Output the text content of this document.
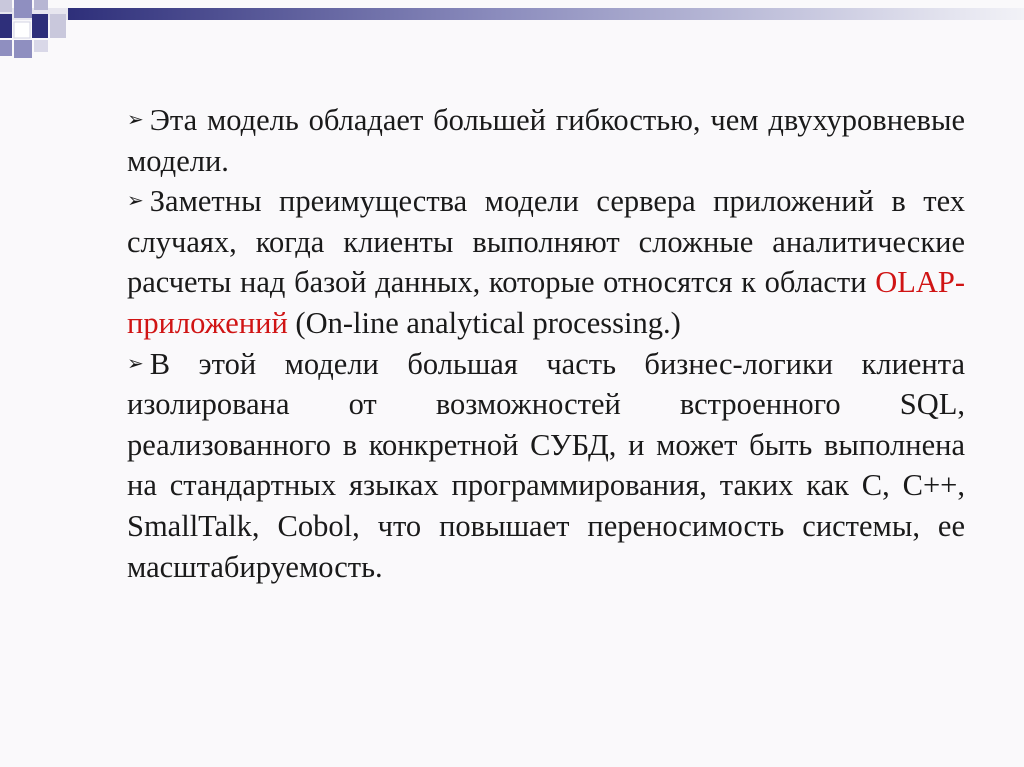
➢ Эта модель обладает большей гибкостью, чем двухуровневые модели.

➢ Заметны преимущества модели сервера приложений в тех случаях, когда клиенты выполняют сложные аналитические расчеты над базой данных, которые относятся к области OLAP-приложений (On-line analytical processing.)

➢ В этой модели большая часть бизнес-логики клиента изолирована от возможностей встроенного SQL, реализованного в конкретной СУБД, и может быть выполнена на стандартных языках программирования, таких как C, C++, SmallTalk, Cobol, что повышает переносимость системы, ее масштабируемость.
